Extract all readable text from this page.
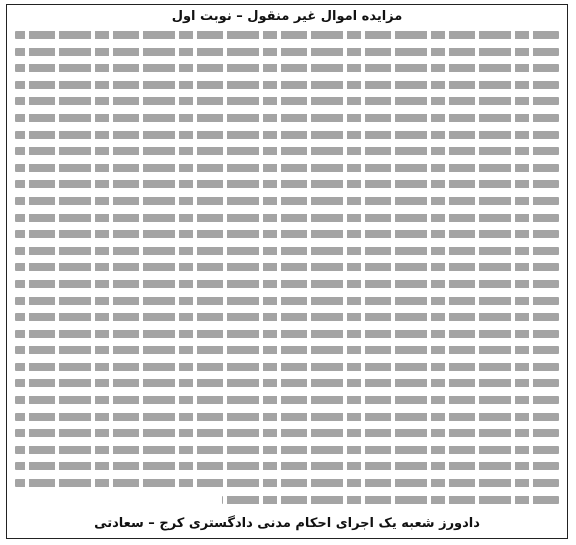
مزایده اموال غیر منقول – نوبت اول
دادورز شعبه یک اجرای احکام مدنی دادگستری کرج – سعادتی
